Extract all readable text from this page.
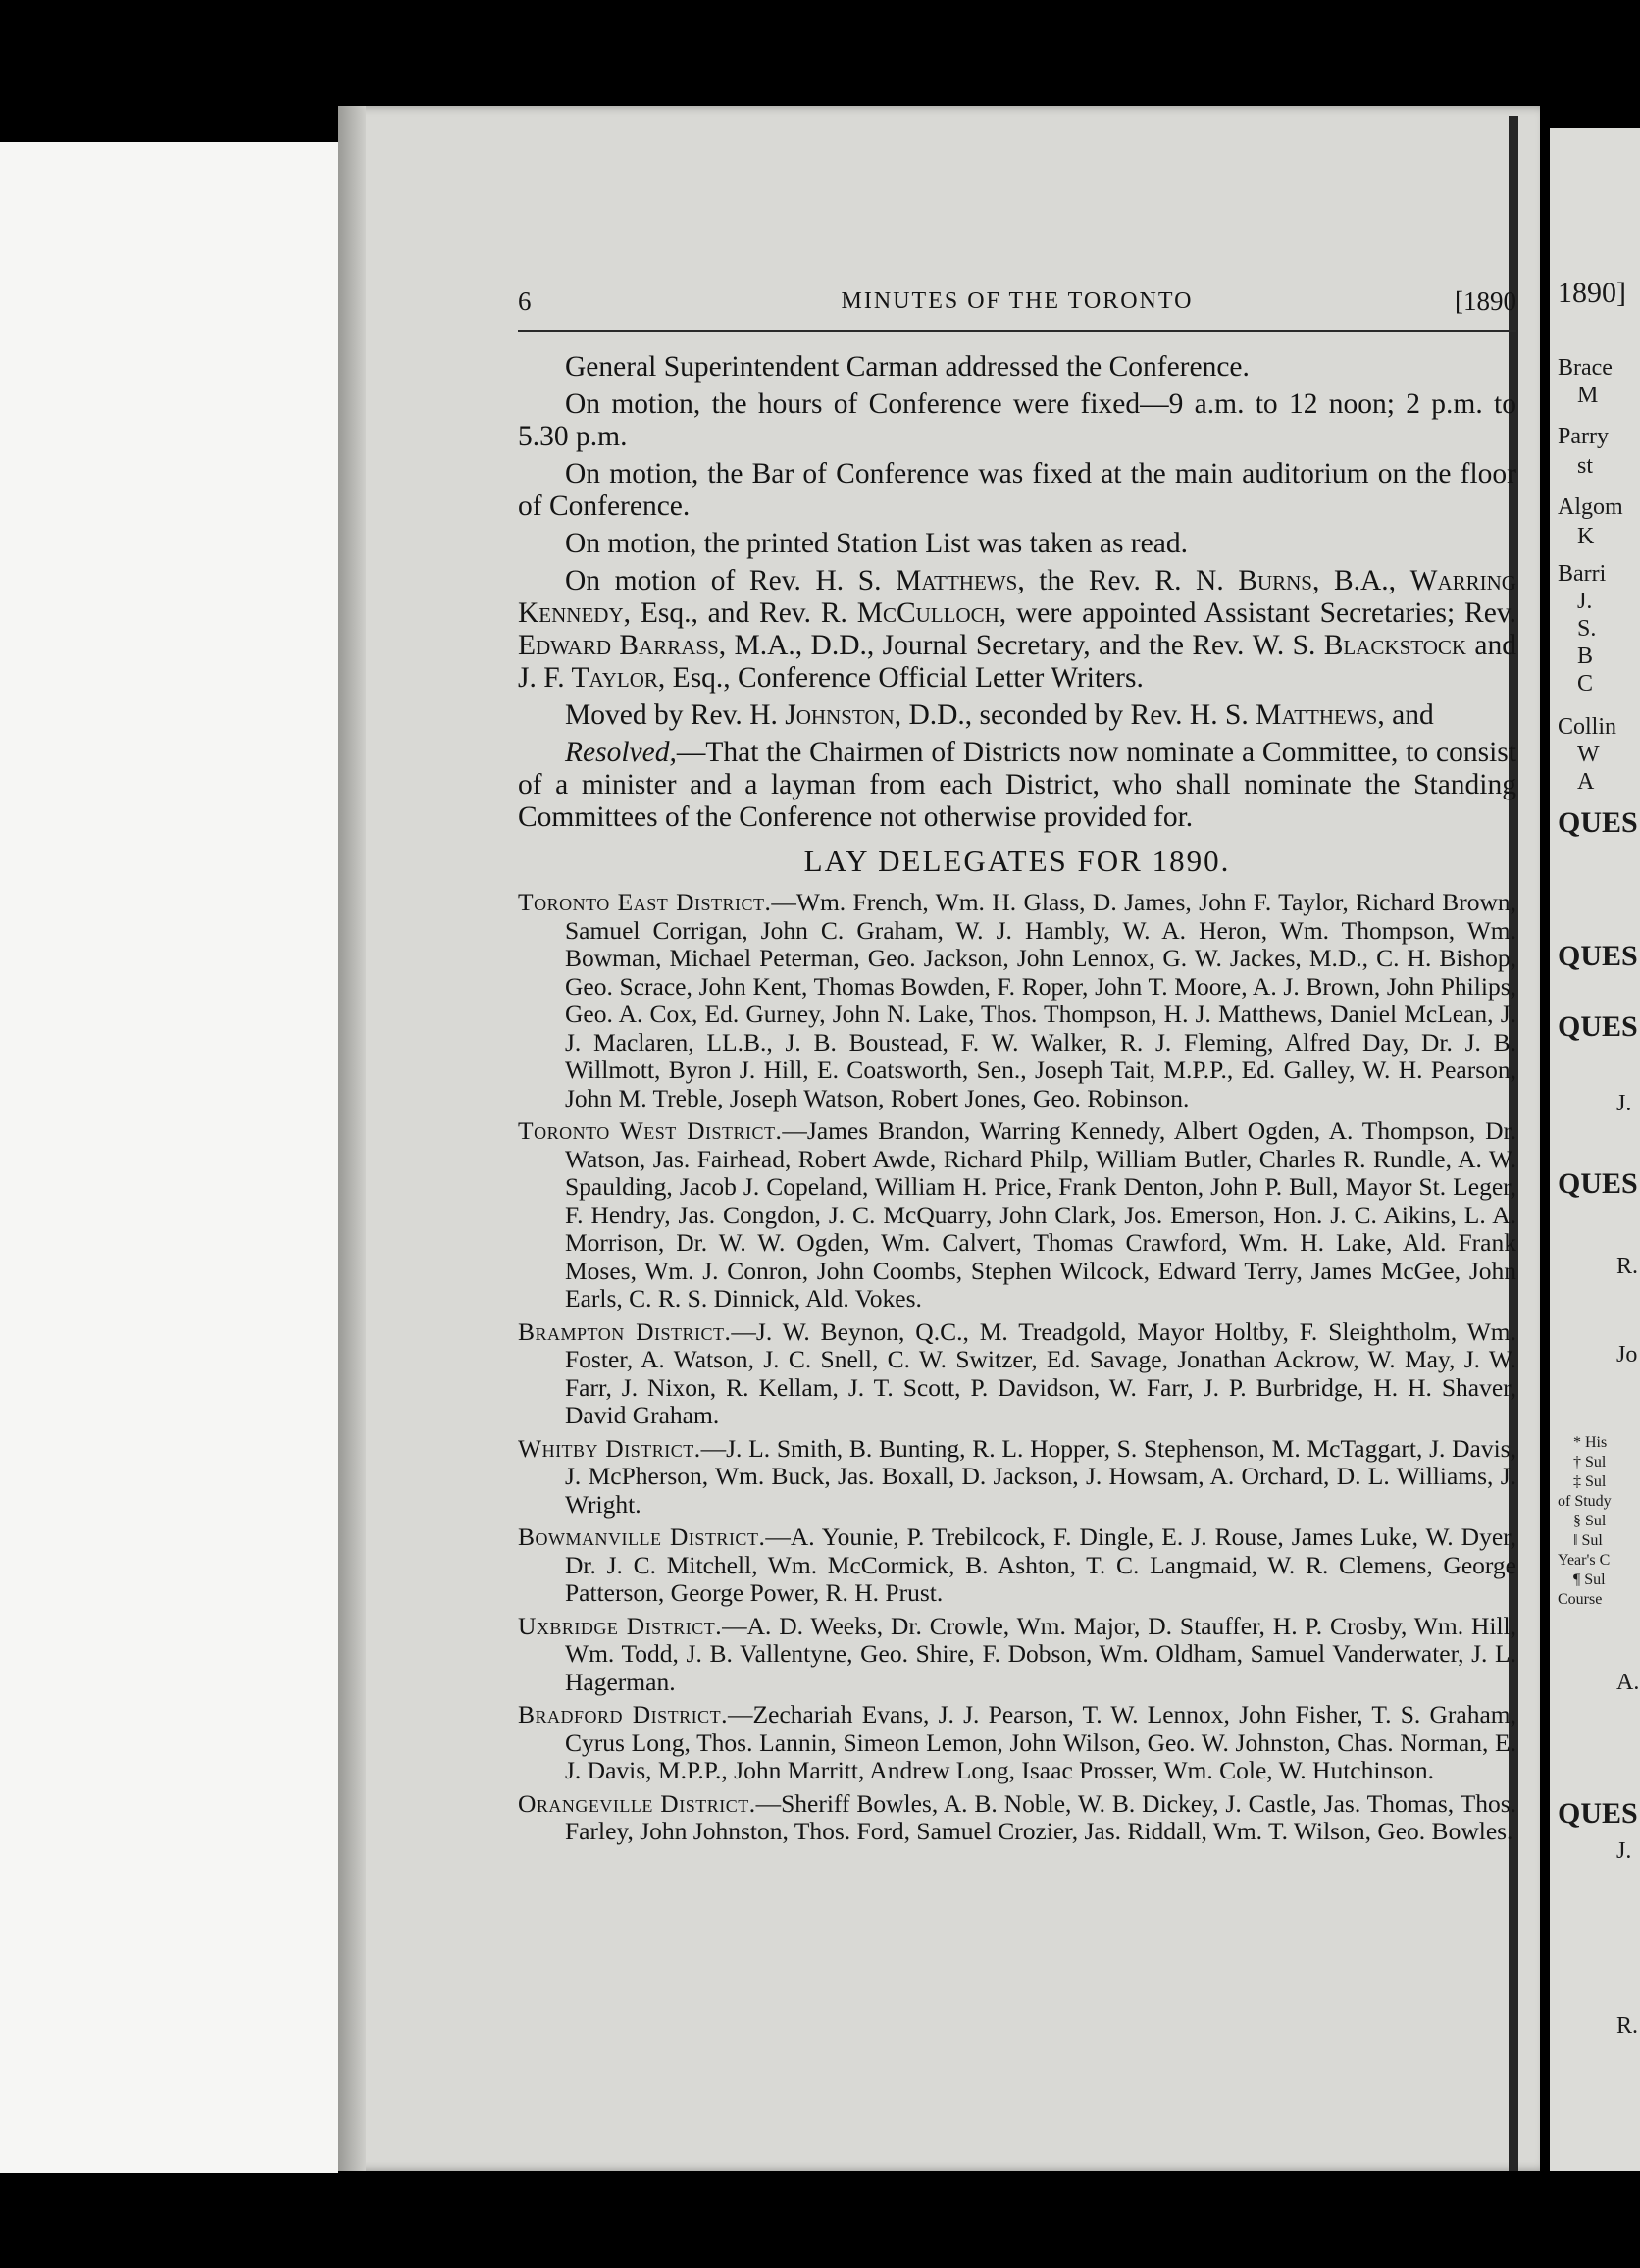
6	MINUTES OF THE TORONTO	[1890

General Superintendent Carman addressed the Conference.

On motion, the hours of Conference were fixed—9 a.m. to 12 noon; 2 p.m. to 5.30 p.m.

On motion, the Bar of Conference was fixed at the main auditorium on the floor of Conference.

On motion, the printed Station List was taken as read.

On motion of Rev. H. S. Matthews, the Rev. R. N. Burns, B.A., Warring Kennedy, Esq., and Rev. R. McCulloch, were appointed Assistant Secretaries; Rev. Edward Barrass, M.A., D.D., Journal Secretary, and the Rev. W. S. Blackstock and J. F. Taylor, Esq., Conference Official Letter Writers.

Moved by Rev. H. Johnston, D.D., seconded by Rev. H. S. Matthews, and

Resolved,—That the Chairmen of Districts now nominate a Committee, to consist of a minister and a layman from each District, who shall nominate the Standing Committees of the Conference not otherwise provided for.

LAY DELEGATES FOR 1890.

Toronto East District.—Wm. French, Wm. H. Glass, D. James, John F. Taylor, Richard Brown, Samuel Corrigan, John C. Graham, W. J. Hambly, W. A. Heron, Wm. Thompson, Wm. Bowman, Michael Peterman, Geo. Jackson, John Lennox, G. W. Jackes, M.D., C. H. Bishop, Geo. Scrace, John Kent, Thomas Bowden, F. Roper, John T. Moore, A. J. Brown, John Philips, Geo. A. Cox, Ed. Gurney, John N. Lake, Thos. Thompson, H. J. Matthews, Daniel McLean, J. J. Maclaren, LL.B., J. B. Boustead, F. W. Walker, R. J. Fleming, Alfred Day, Dr. J. B. Willmott, Byron J. Hill, E. Coatsworth, Sen., Joseph Tait, M.P.P., Ed. Galley, W. H. Pearson, John M. Treble, Joseph Watson, Robert Jones, Geo. Robinson.

Toronto West District.—James Brandon, Warring Kennedy, Albert Ogden, A. Thompson, Dr. Watson, Jas. Fairhead, Robert Awde, Richard Philp, William Butler, Charles R. Rundle, A. W. Spaulding, Jacob J. Copeland, William H. Price, Frank Denton, John P. Bull, Mayor St. Leger, F. Hendry, Jas. Congdon, J. C. McQuarry, John Clark, Jos. Emerson, Hon. J. C. Aikins, L. A. Morrison, Dr. W. W. Ogden, Wm. Calvert, Thomas Crawford, Wm. H. Lake, Ald. Frank Moses, Wm. J. Conron, John Coombs, Stephen Wilcock, Edward Terry, James McGee, John Earls, C. R. S. Dinnick, Ald. Vokes.

Brampton District.—J. W. Beynon, Q.C., M. Treadgold, Mayor Holtby, F. Sleightholm, Wm. Foster, A. Watson, J. C. Snell, C. W. Switzer, Ed. Savage, Jonathan Ackrow, W. May, J. W. Farr, J. Nixon, R. Kellam, J. T. Scott, P. Davidson, W. Farr, J. P. Burbridge, H. H. Shaver, David Graham.

Whitby District.—J. L. Smith, B. Bunting, R. L. Hopper, S. Stephenson, M. McTaggart, J. Davis, J. McPherson, Wm. Buck, Jas. Boxall, D. Jackson, J. Howsam, A. Orchard, D. L. Williams, J. Wright.

Bowmanville District.—A. Younie, P. Trebilcock, F. Dingle, E. J. Rouse, James Luke, W. Dyer, Dr. J. C. Mitchell, Wm. McCormick, B. Ashton, T. C. Langmaid, W. R. Clemens, George Patterson, George Power, R. H. Prust.

Uxbridge District.—A. D. Weeks, Dr. Crowle, Wm. Major, D. Stauffer, H. P. Crosby, Wm. Hill, Wm. Todd, J. B. Vallentyne, Geo. Shire, F. Dobson, Wm. Oldham, Samuel Vanderwater, J. L. Hagerman.

Bradford District.—Zechariah Evans, J. J. Pearson, T. W. Lennox, John Fisher, T. S. Graham, Cyrus Long, Thos. Lannin, Simeon Lemon, John Wilson, Geo. W. Johnston, Chas. Norman, E. J. Davis, M.P.P., John Marritt, Andrew Long, Isaac Prosser, Wm. Cole, W. Hutchinson.

Orangeville District.—Sheriff Bowles, A. B. Noble, W. B. Dickey, J. Castle, Jas. Thomas, Thos. Farley, John Johnston, Thos. Ford, Samuel Crozier, Jas. Riddall, Wm. T. Wilson, Geo. Bowles.

1890]
Brace
M
Parry
st
Algom
K
Barri
J.
S.
B
C
Collin
W
A
QUES
QUES
QUES
J.
QUES
R.
Jo
* His
† Sul
‡ Sul
of Study
§ Sul
‖ Sul
Year's C
¶ Sul
Course
A.
QUES
J.
R.
